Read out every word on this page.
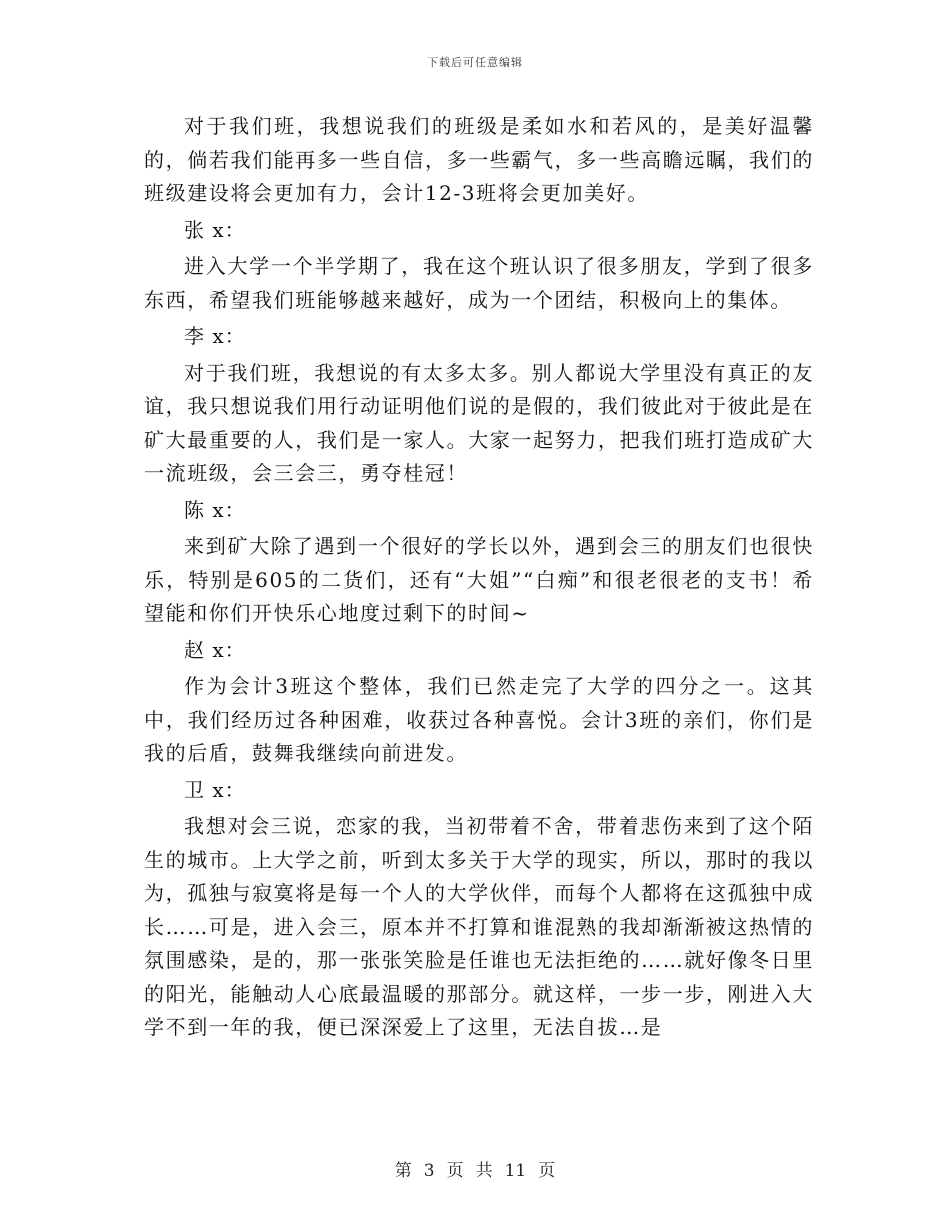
下载后可任意编辑

对于我们班，我想说我们的班级是柔如水和若风的，是美好温馨的，倘若我们能再多一些自信，多一些霸气，多一些高瞻远瞩，我们的班级建设将会更加有力，会计12-3班将会更加美好。

张 x：

进入大学一个半学期了，我在这个班认识了很多朋友，学到了很多东西，希望我们班能够越来越好，成为一个团结，积极向上的集体。

李 x：

对于我们班，我想说的有太多太多。别人都说大学里没有真正的友谊，我只想说我们用行动证明他们说的是假的，我们彼此对于彼此是在矿大最重要的人，我们是一家人。大家一起努力，把我们班打造成矿大一流班级，会三会三，勇夺桂冠！

陈 x：

来到矿大除了遇到一个很好的学长以外，遇到会三的朋友们也很快乐，特别是605的二货们，还有“大姐”“白痴”和很老很老的支书！希望能和你们开快乐心地度过剩下的时间~

赵 x：

作为会计3班这个整体，我们已然走完了大学的四分之一。这其中，我们经历过各种困难，收获过各种喜悦。会计3班的亲们，你们是我的后盾，鼓舞我继续向前进发。

卫 x：

我想对会三说，恋家的我，当初带着不舍，带着悲伤来到了这个陌生的城市。上大学之前，听到太多关于大学的现实，所以，那时的我以为，孤独与寂寞将是每一个人的大学伙伴，而每个人都将在这孤独中成长……可是，进入会三，原本并不打算和谁混熟的我却渐渐被这热情的氛围感染，是的，那一张张笑脸是任谁也无法拒绝的……就好像冬日里的阳光，能触动人心底最温暖的那部分。就这样，一步一步，刚进入大学不到一年的我，便已深深爱上了这里，无法自拔…是

第 3 页 共 11 页
